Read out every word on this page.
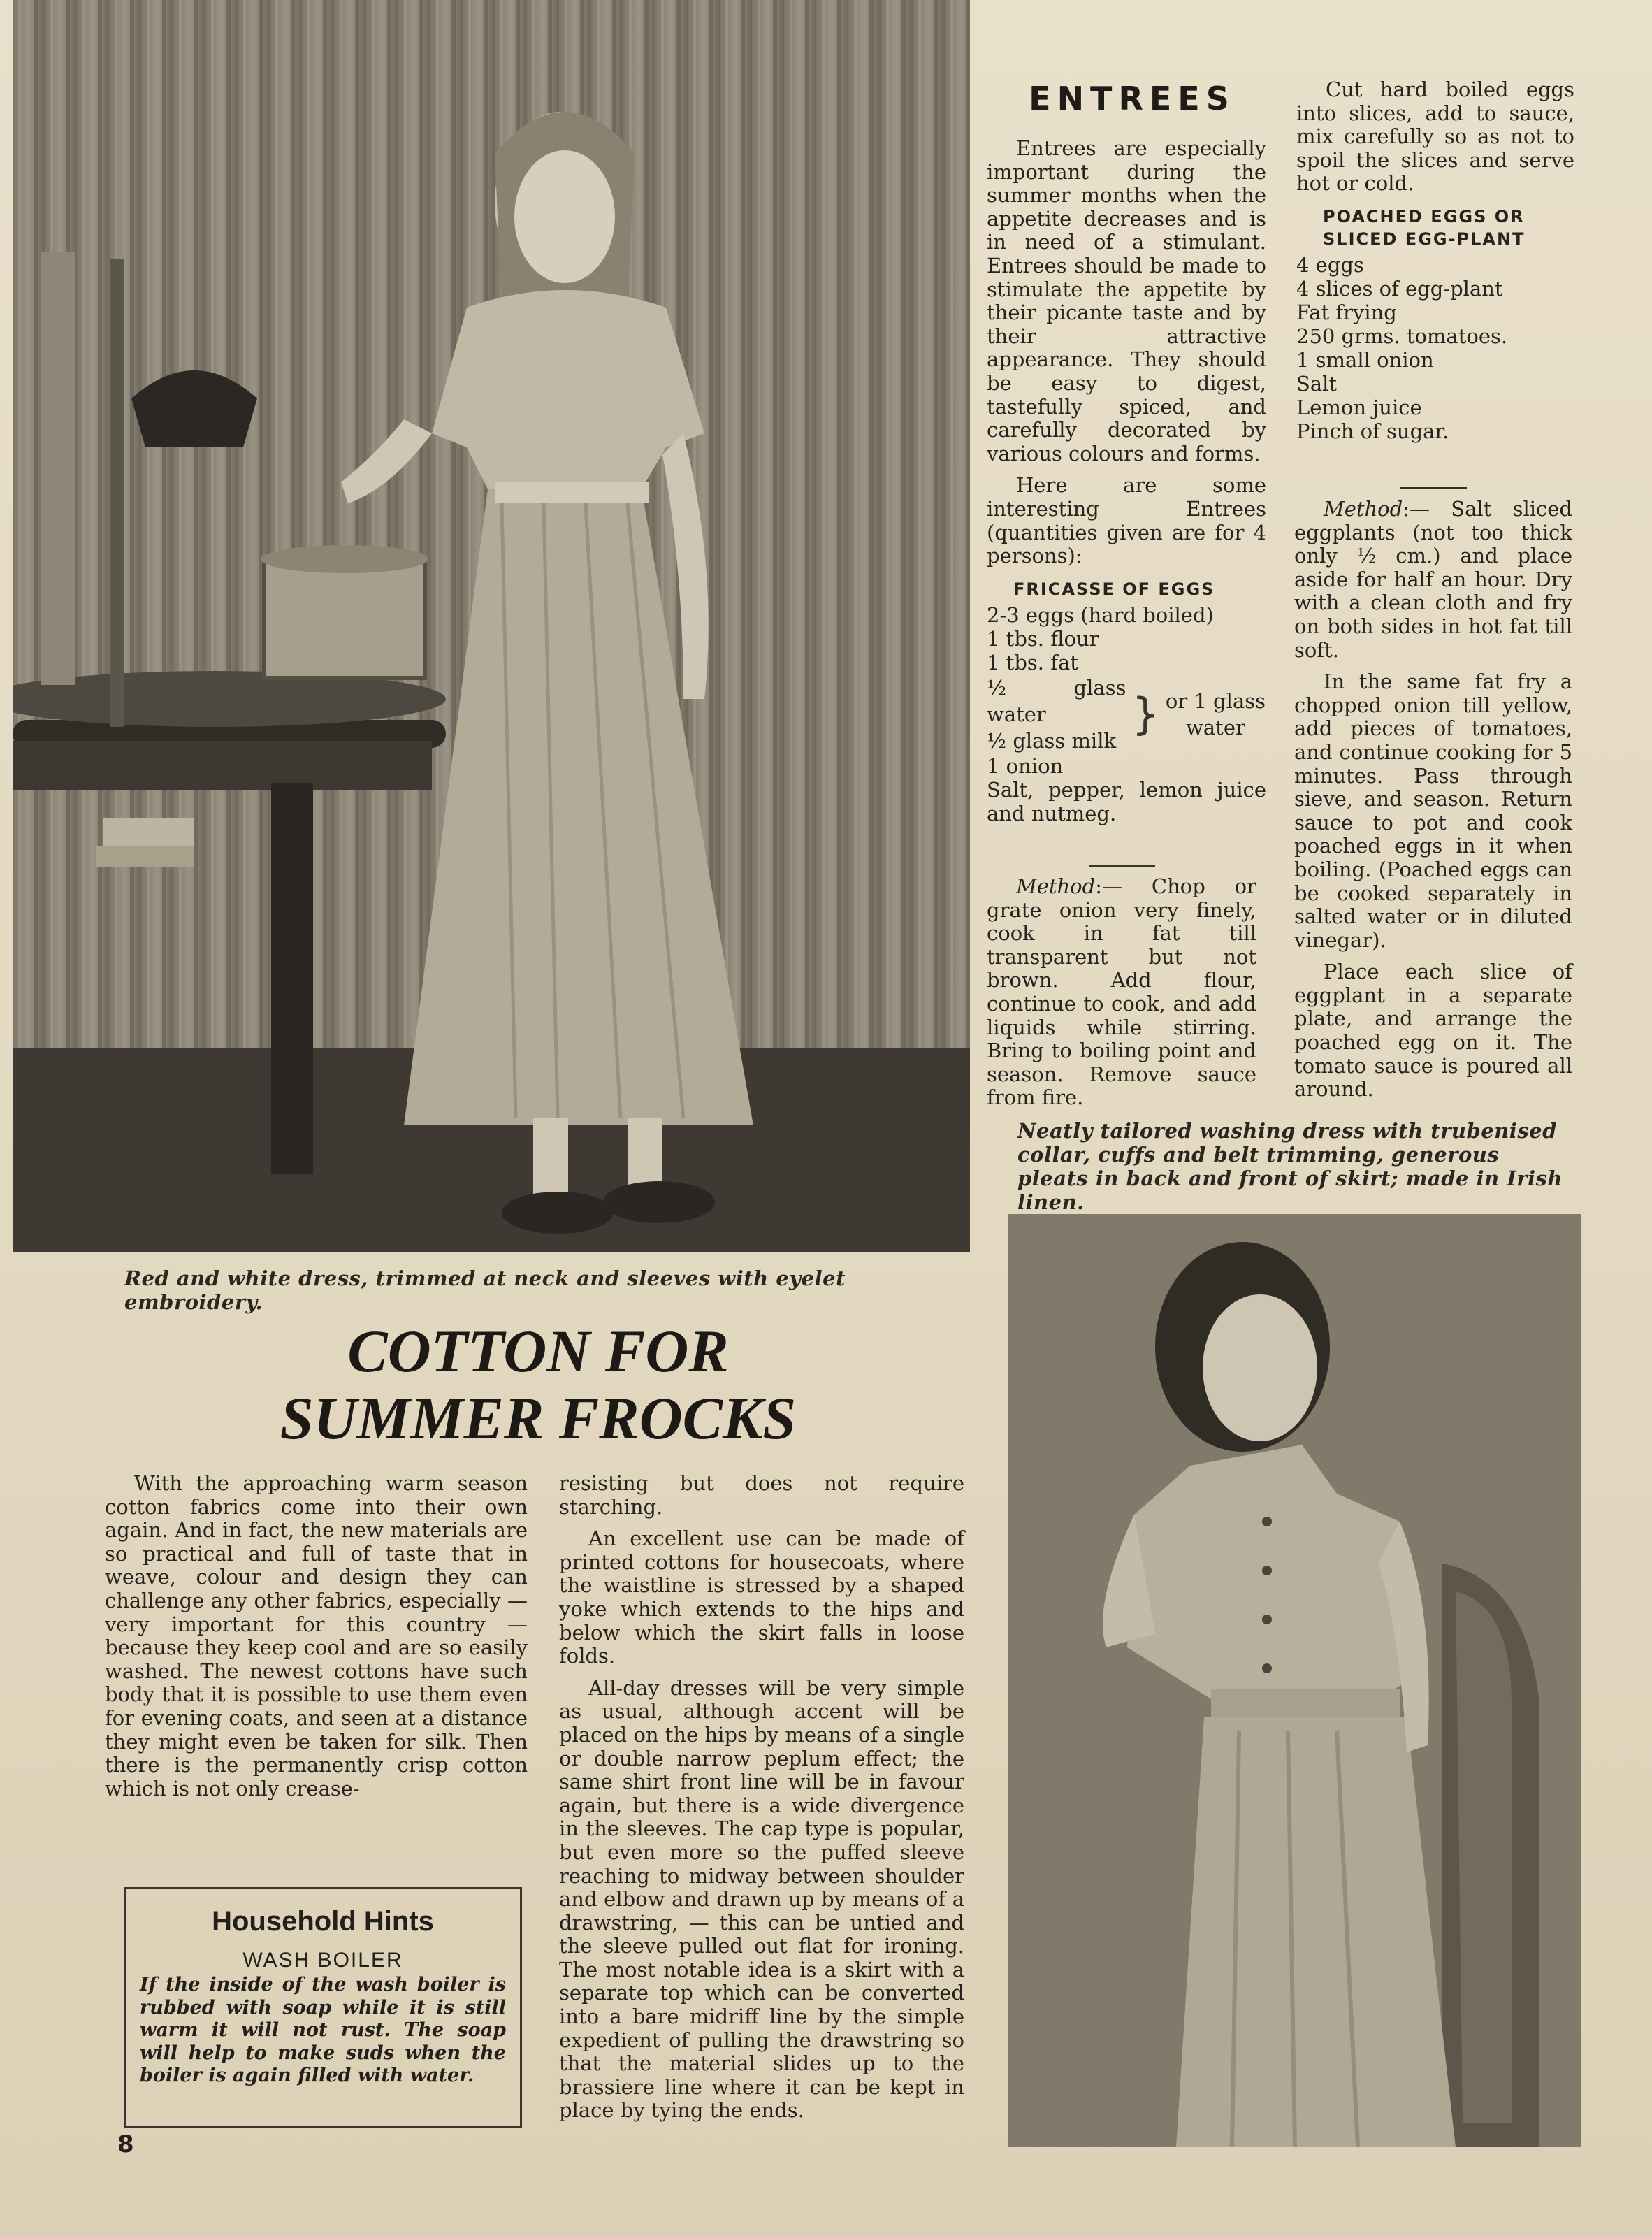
Red and white dress, trimmed at neck and sleeves with eyelet embroidery.
COTTON FOR
SUMMER FROCKS

With the approaching warm season cotton fabrics come into their own again. And in fact, the new materials are so practical and full of taste that in weave, colour and design they can challenge any other fabrics, especially — very important for this country — because they keep cool and are so easily washed. The newest cottons have such body that it is possible to use them even for evening coats, and seen at a distance they might even be taken for silk. Then there is the permanently crisp cotton which is not only crease-

resisting but does not require starching.

An excellent use can be made of printed cottons for housecoats, where the waistline is stressed by a shaped yoke which extends to the hips and below which the skirt falls in loose folds.

All-day dresses will be very simple as usual, although accent will be placed on the hips by means of a single or double narrow peplum effect; the same shirt front line will be in favour again, but there is a wide divergence in the sleeves. The cap type is popular, but even more so the puffed sleeve reaching to midway between shoulder and elbow and drawn up by means of a drawstring, — this can be untied and the sleeve pulled out flat for ironing. The most notable idea is a skirt with a separate top which can be converted into a bare midriff line by the simple expedient of pulling the drawstring so that the material slides up to the brassiere line where it can be kept in place by tying the ends.

Household Hints
WASH BOILER
If the inside of the wash boiler is rubbed with soap while it is still warm it will not rust. The soap will help to make suds when the boiler is again filled with water.
8
ENTREES

Entrees are especially important during the summer months when the appetite decreases and is in need of a stimulant. Entrees should be made to stimulate the appetite by their picante taste and by their attractive appearance. They should be easy to digest, tastefully spiced, and carefully decorated by various colours and forms.

Here are some interesting Entrees (quantities given are for 4 persons):

FRICASSE OF EGGS
2-3 eggs (hard boiled)
1 tbs. flour
1 tbs. fat
½ glass water
½ glass milk
} or 1 glass water
1 onion
Salt, pepper, lemon juice and nutmeg.

Method:— Chop or grate onion very finely, cook in fat till transparent but not brown. Add flour, continue to cook, and add liquids while stirring. Bring to boiling point and season. Remove sauce from fire.

Cut hard boiled eggs into slices, add to sauce, mix carefully so as not to spoil the slices and serve hot or cold.

POACHED EGGS OR SLICED EGG-PLANT
4 eggs
4 slices of egg-plant
Fat frying
250 grms. tomatoes.
1 small onion
Salt
Lemon juice
Pinch of sugar.

Method:— Salt sliced eggplants (not too thick only ½ cm.) and place aside for half an hour. Dry with a clean cloth and fry on both sides in hot fat till soft.

In the same fat fry a chopped onion till yellow, add pieces of tomatoes, and continue cooking for 5 minutes. Pass through sieve, and season. Return sauce to pot and cook poached eggs in it when boiling. (Poached eggs can be cooked separately in salted water or in diluted vinegar).

Place each slice of eggplant in a separate plate, and arrange the poached egg on it. The tomato sauce is poured all around.

Neatly tailored washing dress with trubenised collar, cuffs and belt trimming, generous pleats in back and front of skirt; made in Irish linen.
